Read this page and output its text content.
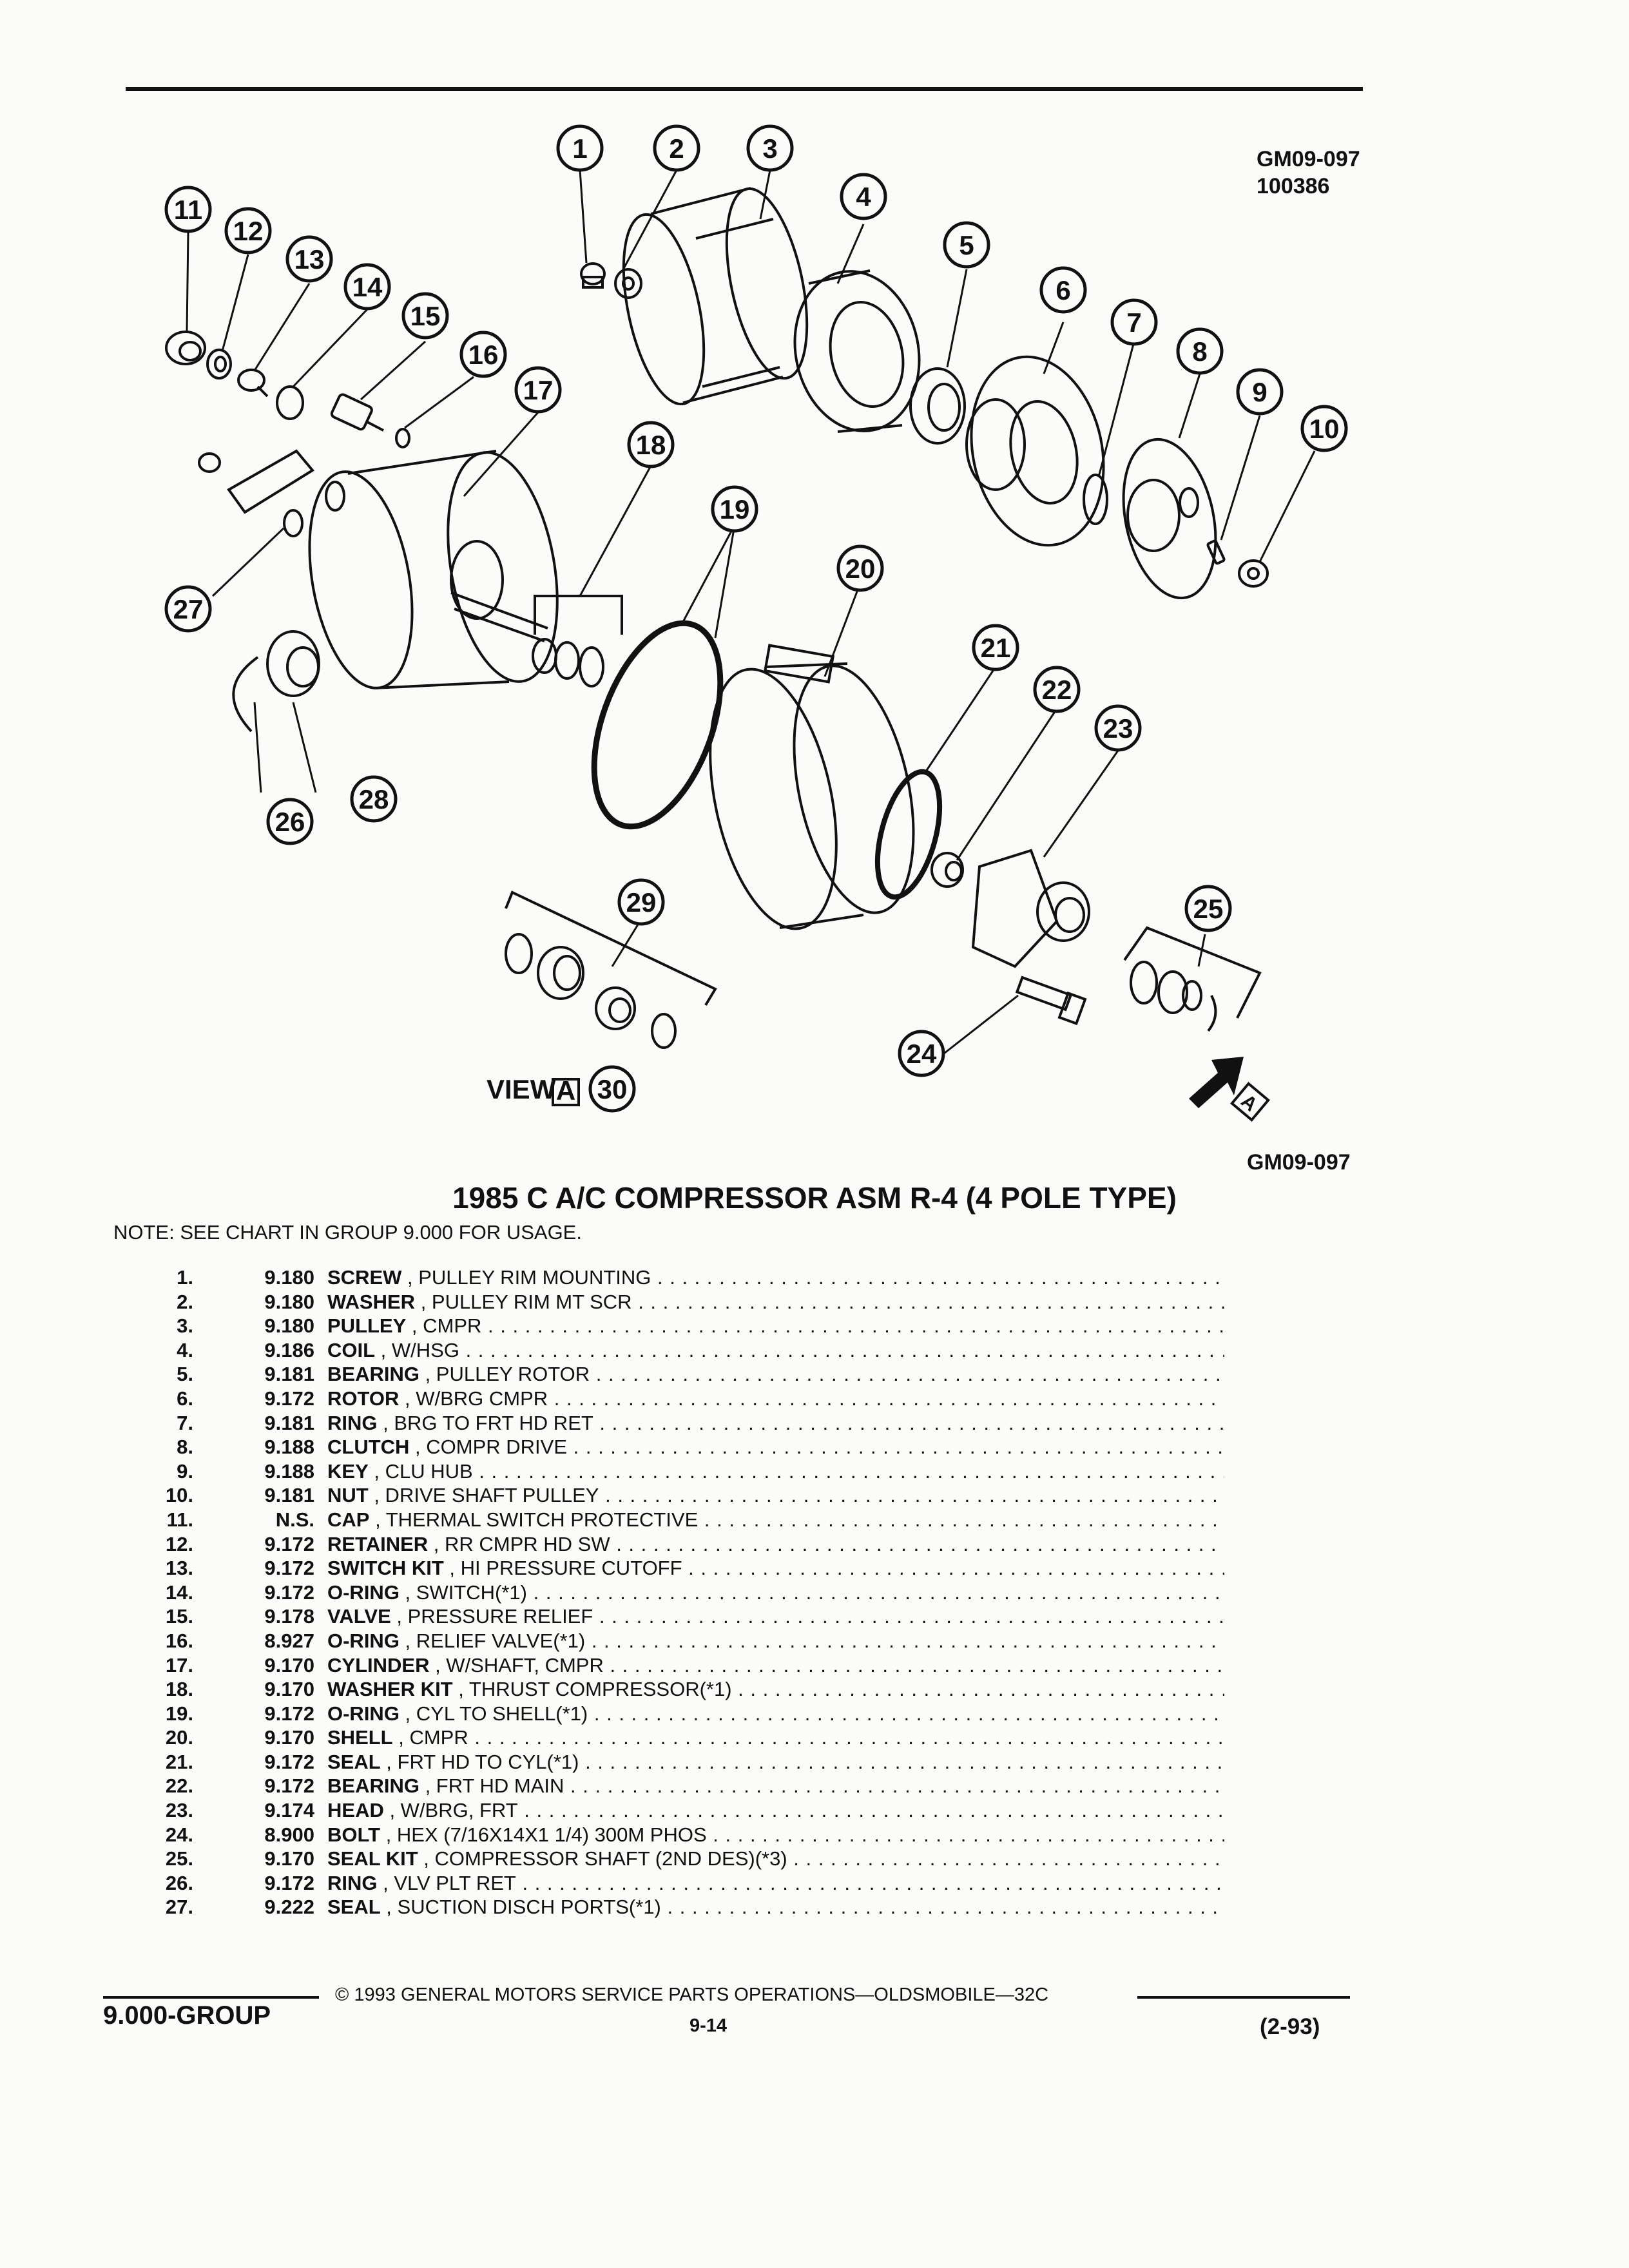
A
VIEW A
1	2	3
4
5
6
7
8
9
10
11
12
13
14
15
16
17
18
19
20
21
22
23
24
25
26
27
28
29
30
GM09-097
100386
GM09-097
1985 C A/C COMPRESSOR ASM R-4 (4 POLE TYPE)
NOTE: SEE CHART IN GROUP 9.000 FOR USAGE.
1.	9.180 SCREW , PULLEY RIM MOUNTING . . .
2.	9.180 WASHER , PULLEY RIM MT SCR . . .
3.	9.180 PULLEY , CMPR . . .
4.	9.186 COIL , W/HSG . . .
5.	9.181 BEARING , PULLEY ROTOR . . .
6.	9.172 ROTOR , W/BRG CMPR . . .
7.	9.181 RING , BRG TO FRT HD RET . . .
8.	9.188 CLUTCH , COMPR DRIVE . . .
9.	9.188 KEY , CLU HUB . . .
10.	9.181 NUT , DRIVE SHAFT PULLEY . . .
11.	N.S. CAP , THERMAL SWITCH PROTECTIVE . . .
12.	9.172 RETAINER , RR CMPR HD SW . . .
13.	9.172 SWITCH KIT , HI PRESSURE CUTOFF . . .
14.	9.172 O-RING , SWITCH(*1) . . .
15.	9.178 VALVE , PRESSURE RELIEF . . .
16.	8.927 O-RING , RELIEF VALVE(*1) . . .
17.	9.170 CYLINDER , W/SHAFT, CMPR . . .
18.	9.170 WASHER KIT , THRUST COMPRESSOR(*1) . . .
19.	9.172 O-RING , CYL TO SHELL(*1) . . .
20.	9.170 SHELL , CMPR . . .
21.	9.172 SEAL , FRT HD TO CYL(*1) . . .
22.	9.172 BEARING , FRT HD MAIN . . .
23.	9.174 HEAD , W/BRG, FRT . . .
24.	8.900 BOLT , HEX (7/16X14X1 1/4) 300M PHOS . . .
25.	9.170 SEAL KIT , COMPRESSOR SHAFT (2ND DES)(*3) . . .
26.	9.172 RING , VLV PLT RET . . .
27.	9.222 SEAL , SUCTION DISCH PORTS(*1) . . .
© 1993 GENERAL MOTORS SERVICE PARTS OPERATIONS—OLDSMOBILE—32C
9.000-GROUP	9-14	(2-93)
